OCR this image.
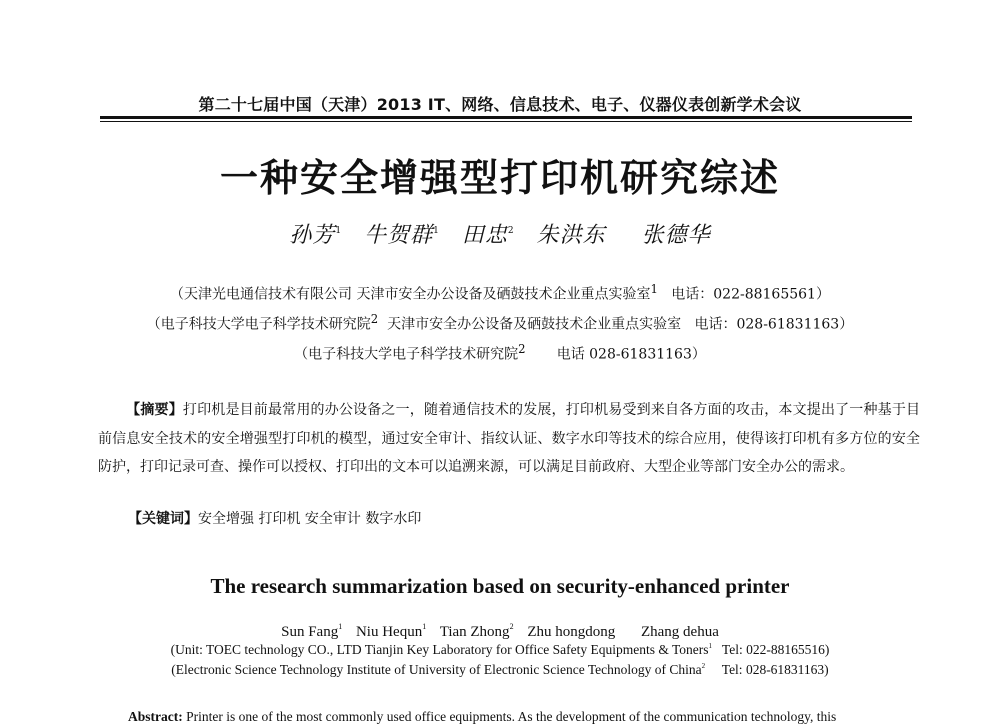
第二十七届中国（天津）2013 IT、网络、信息技术、电子、仪器仪表创新学术会议
一种安全增强型打印机研究综述
孙芳$^1$ 牛贺群$^1$ 田忠$^2$ 朱洪东 张德华
（天津光电通信技术有限公司 天津市安全办公设备及硒鼓技术企业重点实验室$^1$ 电话：022-88165561）
（电子科技大学电子科学技术研究院$^2$ 天津市安全办公设备及硒鼓技术企业重点实验室 电话：028-61831163）
（电子科技大学电子科学技术研究院$^2$ 电话 028-61831163）
【摘要】打印机是目前最常用的办公设备之一，随着通信技术的发展，打印机易受到来自各方面的攻击，本文提出了一种基于目前信息安全技术的安全增强型打印机的模型，通过安全审计、指纹认证、数字水印等技术的综合应用，使得该打印机有多方位的安全防护，打印记录可查、操作可以授权、打印出的文本可以追溯来源，可以满足目前政府、大型企业等部门安全办公的需求。
【关键词】安全增强 打印机 安全审计 数字水印
The research summarization based on security-enhanced printer
Sun Fang$^1$ Niu Hequn$^1$ Tian Zhong$^2$ Zhu hongdong Zhang dehua
(Unit: TOEC technology CO., LTD Tianjin Key Laboratory for Office Safety Equipments & Toners$^1$ Tel: 022-88165516)
(Electronic Science Technology Institute of University of Electronic Science Technology of China$^2$ Tel: 028-61831163)
Abstract: Printer is one of the most commonly used office equipments. As the development of the communication technology, this
